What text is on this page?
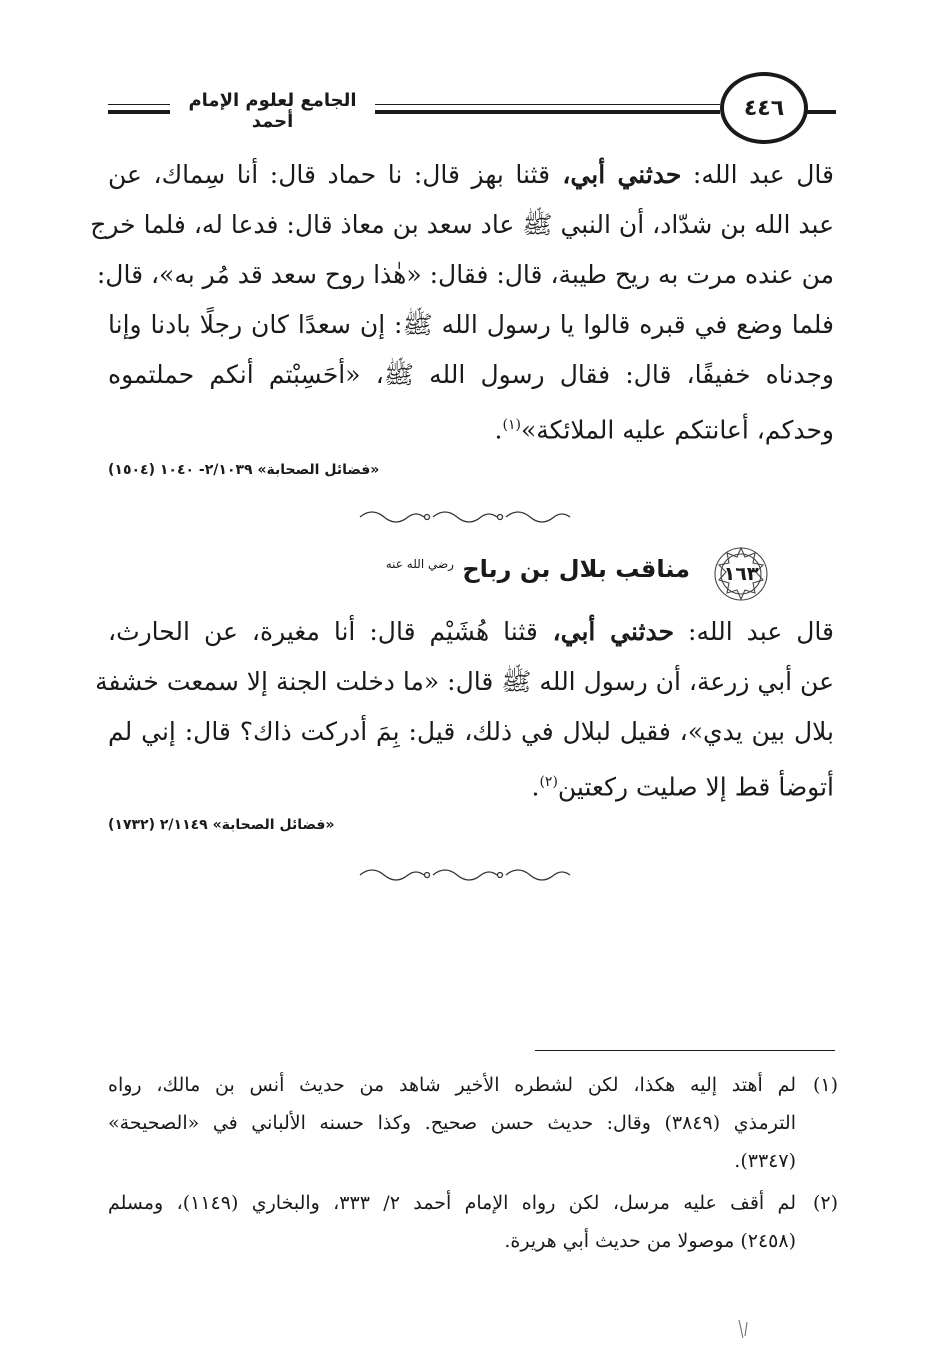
الجامع لعلوم الإمام أحمد
٤٤٦
قال عبد الله: حدثني أبي، قثنا بهز قال: نا حماد قال: أنا سِماك، عن
عبد الله بن شدّاد، أن النبي ﷺ عاد سعد بن معاذ قال: فدعا له، فلما خرج
من عنده مرت به ريح طيبة، قال: فقال: «هٰذا روح سعد قد مُر به»، قال:
فلما وضع في قبره قالوا يا رسول الله ﷺ: إن سعدًا كان رجلًا بادنا وإنا
وجدناه خفيفًا، قال: فقال رسول الله ﷺ، «أحَسِبْتم أنكم حملتموه
وحدكم، أعانتكم عليه الملائكة»$^{(١)}$.
«فضائل الصحابة» ٢/١٠٣٩- ١٠٤٠ (١٥٠٤)
١٦٣
مناقب بلال بن رباح $^{رضي الله عنه}$
قال عبد الله: حدثني أبي، قثنا هُشَيْم قال: أنا مغيرة، عن الحارث،
عن أبي زرعة، أن رسول الله ﷺ قال: «ما دخلت الجنة إلا سمعت خشفة
بلال بين يدي»، فقيل لبلال في ذلك، قيل: بِمَ أدركت ذاك؟ قال: إني لم
أتوضأ قط إلا صليت ركعتين$^{(٢)}$.
«فضائل الصحابة» ٢/١١٤٩ (١٧٣٢)
(١)
لم أهتد إليه هكذا، لكن لشطره الأخير شاهد من حديث أنس بن مالك، رواه
الترمذي (٣٨٤٩) وقال: حديث حسن صحيح. وكذا حسنه الألباني في «الصحيحة»
(٣٣٤٧).
(٢)
لم أقف عليه مرسل، لكن رواه الإمام أحمد ٢/ ٣٣٣، والبخاري (١١٤٩)، ومسلم
(٢٤٥٨) موصولا من حديث أبي هريرة.
